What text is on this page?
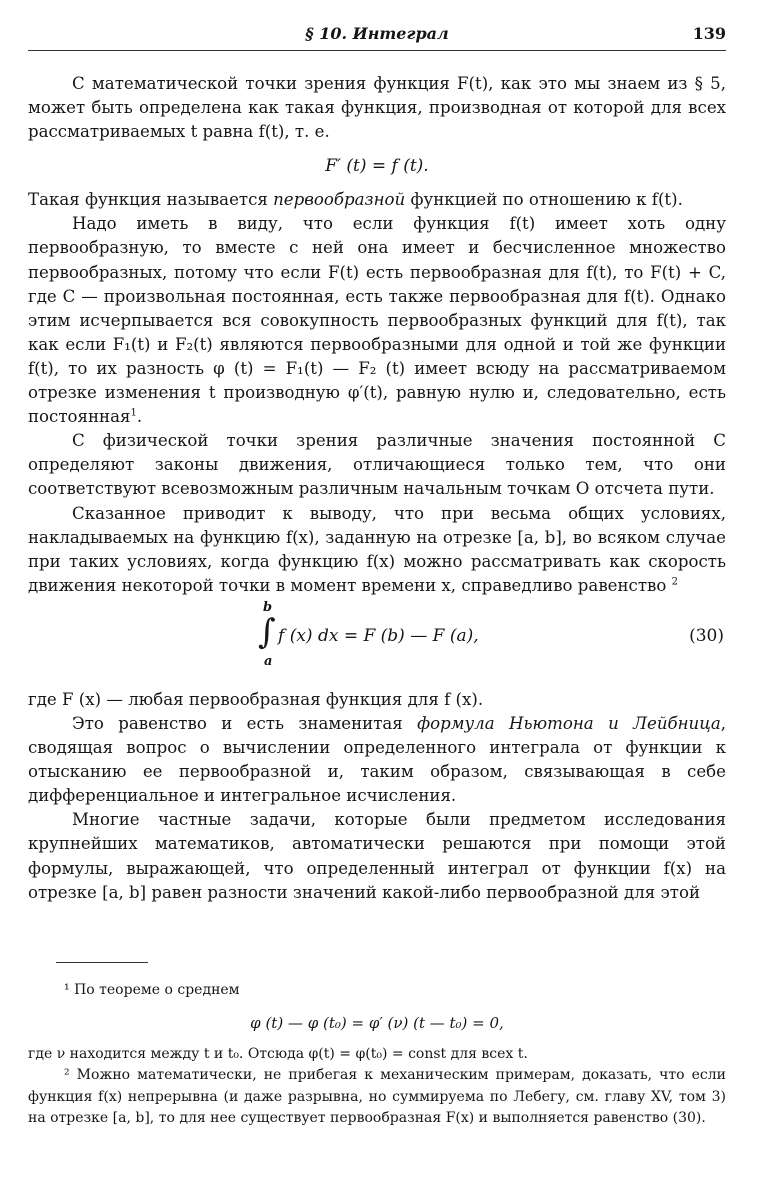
§ 10. Интеграл	139

С математической точки зрения функция F(t), как это мы знаем из § 5, может быть определена как такая функция, производная от которой для всех рассматриваемых t равна f(t), т. е.

F′ (t) = f (t).

Такая функция называется первообразной функцией по отношению к f(t).

Надо иметь в виду, что если функция f(t) имеет хоть одну первообразную, то вместе с ней она имеет и бесчисленное множество первообразных, потому что если F(t) есть первообразная для f(t), то F(t) + C, где C — произвольная постоянная, есть также первообразная для f(t). Однако этим исчерпывается вся совокупность первообразных функций для f(t), так как если F₁(t) и F₂(t) являются первообразными для одной и той же функции f(t), то их разность φ (t) = F₁(t) — F₂ (t) имеет всюду на рассматриваемом отрезке изменения t производную φ′(t), равную нулю и, следовательно, есть постоянная$^1$.

С физической точки зрения различные значения постоянной C определяют законы движения, отличающиеся только тем, что они соответствуют всевозможным различным начальным точкам O отсчета пути.

Сказанное приводит к выводу, что при весьма общих условиях, накладываемых на функцию f(x), заданную на отрезке [a, b], во всяком случае при таких условиях, когда функцию f(x) можно рассматривать как скорость движения некоторой точки в момент времени x, справедливо равенство $^2$

b
∫
a
f (x) dx = F (b) — F (a),	(30)

где F (x) — любая первообразная функция для f (x).

Это равенство и есть знаменитая формула Ньютона и Лейбница, сводящая вопрос о вычислении определенного интеграла от функции к отысканию ее первообразной и, таким образом, связывающая в себе дифференциальное и интегральное исчисления.

Многие частные задачи, которые были предметом исследования крупнейших математиков, автоматически решаются при помощи этой формулы, выражающей, что определенный интеграл от функции f(x) на отрезке [a, b] равен разности значений какой-либо первообразной для этой

¹ По теореме о среднем

φ (t) — φ (t₀) = φ′ (ν) (t — t₀) = 0,

где ν находится между t и t₀. Отсюда φ(t) = φ(t₀) = const для всех t.

² Можно математически, не прибегая к механическим примерам, доказать, что если функция f(x) непрерывна (и даже разрывна, но суммируема по Лебегу, см. главу XV, том 3) на отрезке [a, b], то для нее существует первообразная F(x) и выполняется равенство (30).
